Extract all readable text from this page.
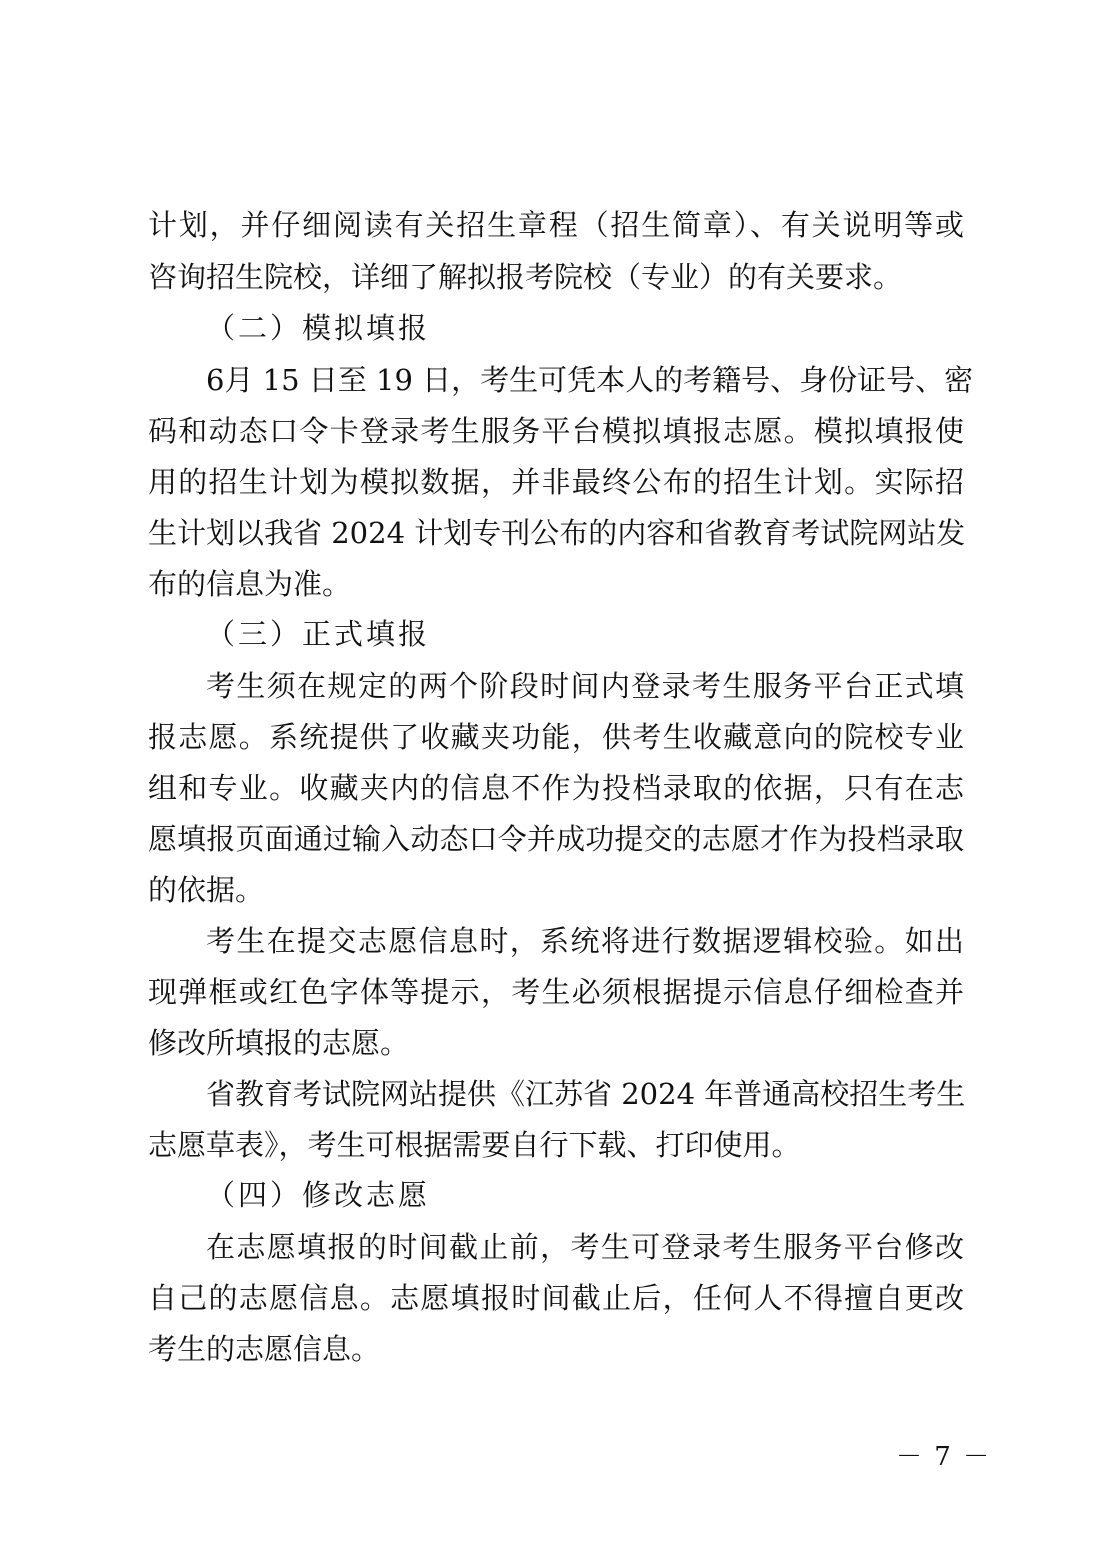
计划，并仔细阅读有关招生章程（招生简章）、有关说明等或
咨询招生院校，详细了解拟报考院校（专业）的有关要求。
（二）模拟填报
6月 15 日至 19 日，考生可凭本人的考籍号、身份证号、密
码和动态口令卡登录考生服务平台模拟填报志愿。模拟填报使
用的招生计划为模拟数据，并非最终公布的招生计划。实际招
生计划以我省 2024 计划专刊公布的内容和省教育考试院网站发
布的信息为准。
（三）正式填报
考生须在规定的两个阶段时间内登录考生服务平台正式填
报志愿。系统提供了收藏夹功能，供考生收藏意向的院校专业
组和专业。收藏夹内的信息不作为投档录取的依据，只有在志
愿填报页面通过输入动态口令并成功提交的志愿才作为投档录取
的依据。
考生在提交志愿信息时，系统将进行数据逻辑校验。如出
现弹框或红色字体等提示，考生必须根据提示信息仔细检查并
修改所填报的志愿。
省教育考试院网站提供《江苏省 2024 年普通高校招生考生
志愿草表》，考生可根据需要自行下载、打印使用。
（四）修改志愿
在志愿填报的时间截止前，考生可登录考生服务平台修改
自己的志愿信息。志愿填报时间截止后，任何人不得擅自更改
考生的志愿信息。
－ 7 －
